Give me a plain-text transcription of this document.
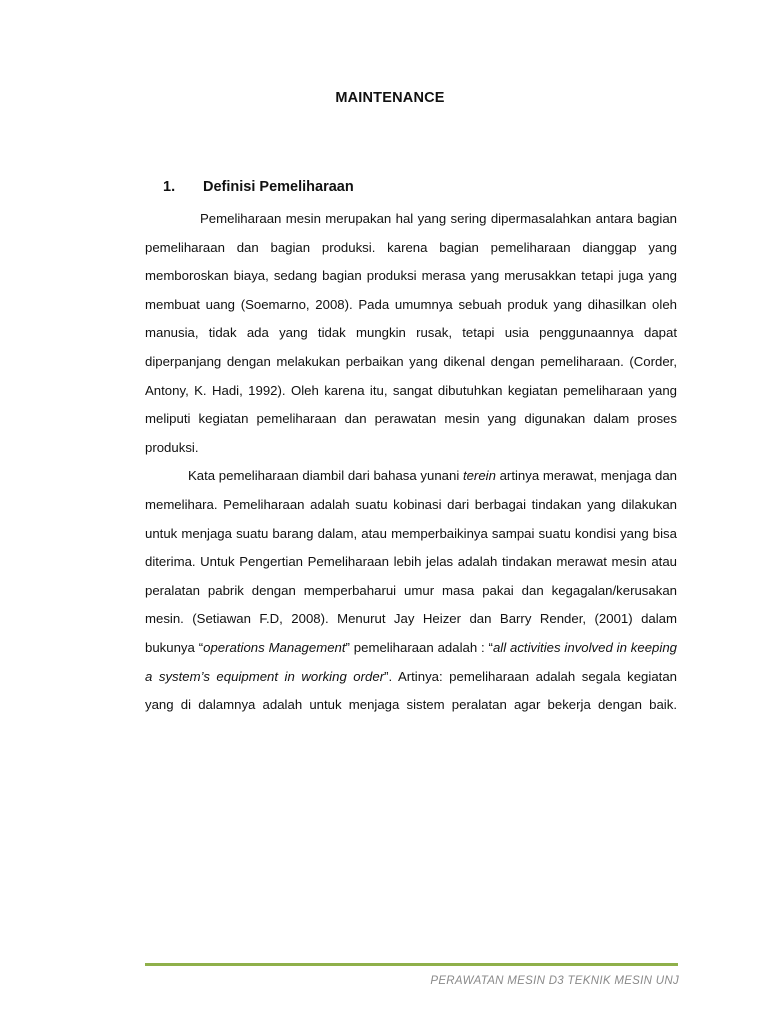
MAINTENANCE
1. Definisi Pemeliharaan

Pemeliharaan mesin merupakan hal yang sering dipermasalahkan antara bagian pemeliharaan dan bagian produksi. karena bagian pemeliharaan dianggap yang memboroskan biaya, sedang bagian produksi merasa yang merusakkan tetapi juga yang membuat uang (Soemarno, 2008). Pada umumnya sebuah produk yang dihasilkan oleh manusia, tidak ada yang tidak mungkin rusak, tetapi usia penggunaannya dapat diperpanjang dengan melakukan perbaikan yang dikenal dengan pemeliharaan. (Corder, Antony, K. Hadi, 1992). Oleh karena itu, sangat dibutuhkan kegiatan pemeliharaan yang meliputi kegiatan pemeliharaan dan perawatan mesin yang digunakan dalam proses produksi.

Kata pemeliharaan diambil dari bahasa yunani terein artinya merawat, menjaga dan memelihara. Pemeliharaan adalah suatu kobinasi dari berbagai tindakan yang dilakukan untuk menjaga suatu barang dalam, atau memperbaikinya sampai suatu kondisi yang bisa diterima. Untuk Pengertian Pemeliharaan lebih jelas adalah tindakan merawat mesin atau peralatan pabrik dengan memperbaharui umur masa pakai dan kegagalan/kerusakan mesin. (Setiawan F.D, 2008). Menurut Jay Heizer dan Barry Render, (2001) dalam bukunya “operations Management” pemeliharaan adalah : “all activities involved in keeping a system’s equipment in working order”. Artinya: pemeliharaan adalah segala kegiatan yang di dalamnya adalah untuk menjaga sistem peralatan agar bekerja dengan baik.

PERAWATAN MESIN D3 TEKNIK MESIN UNJ
